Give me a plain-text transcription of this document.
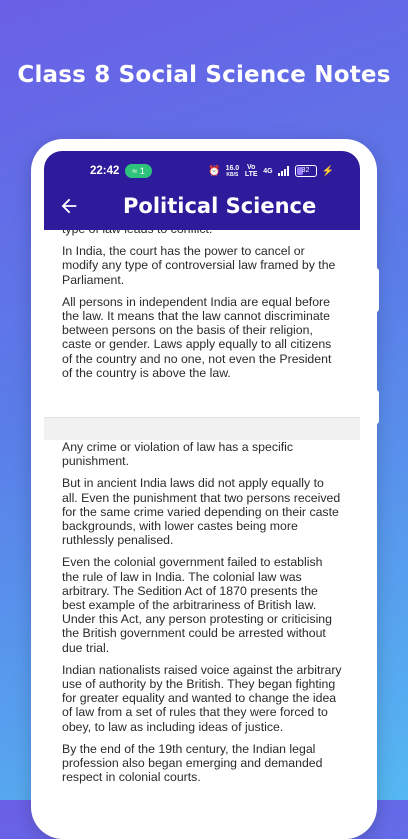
Class 8 Social Science Notes

In India, the court has the power to cancel or modify any type of controversial law framed by the Parliament.

All persons in independent India are equal before the law. It means that the law cannot discriminate between persons on the basis of their religion, caste or gender. Laws apply equally to all citizens of the country and no one, not even the President of the country is above the law.

Any crime or violation of law has a specific punishment.

But in ancient India laws did not apply equally to all. Even the punishment that two persons received for the same crime varied depending on their caste backgrounds, with lower castes being more ruthlessly penalised.

Even the colonial government failed to establish the rule of law in India. The colonial law was arbitrary. The Sedition Act of 1870 presents the best example of the arbitrariness of British law. Under this Act, any person protesting or criticising the British government could be arrested without due trial.

Indian nationalists raised voice against the arbitrary use of authority by the British. They began fighting for greater equality and wanted to change the idea of law from a set of rules that they were forced to obey, to law as including ideas of justice.

By the end of the 19th century, the Indian legal profession also began emerging and demanded respect in colonial courts.

22:42	≈ 1	⏰ 16.0
KB/S
Vo LTE 4G	32	⚡
Political Science
